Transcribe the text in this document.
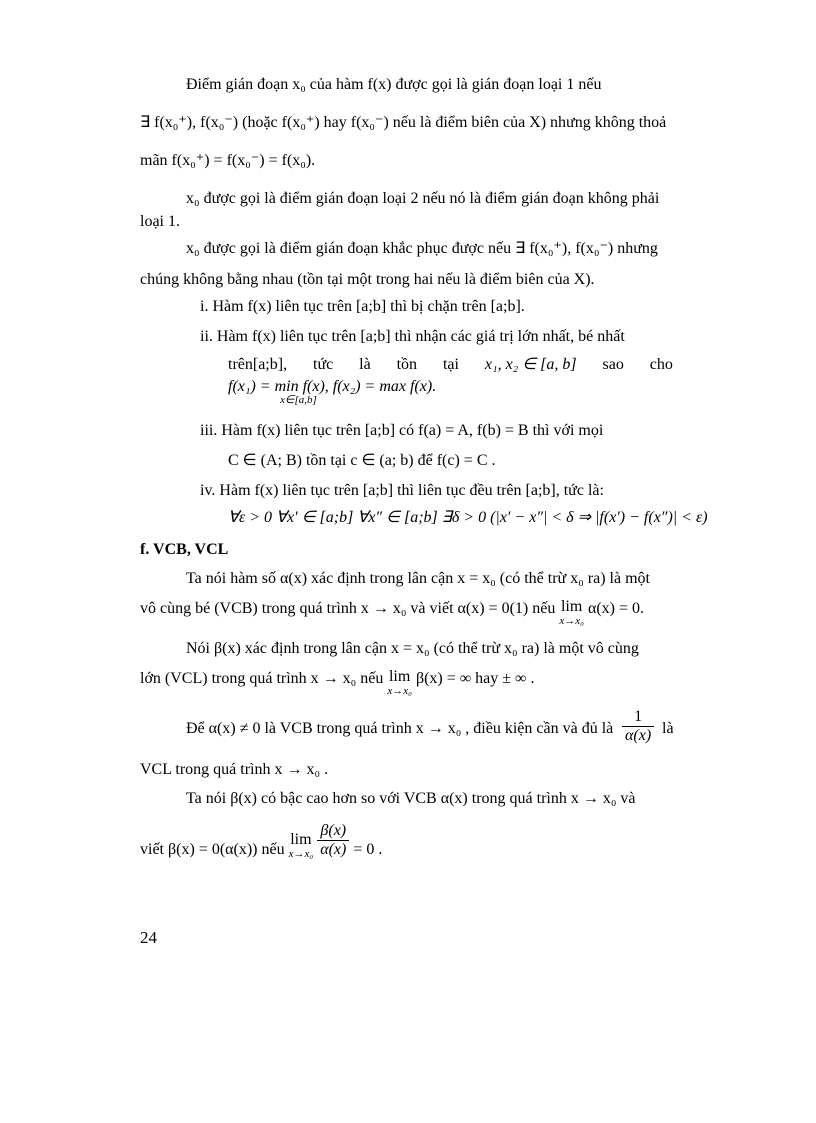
Điểm gián đoạn x₀ của hàm f(x) được gọi là gián đoạn loại 1 nếu
∃ f(x₀⁺), f(x₀⁻) (hoặc f(x₀⁺) hay f(x₀⁻) nếu là điểm biên của X) nhưng không thoả
mãn f(x₀⁺) = f(x₀⁻) = f(x₀).
x₀ được gọi là điểm gián đoạn loại 2 nếu nó là điểm gián đoạn không phải
loại 1.
x₀ được gọi là điểm gián đoạn khắc phục được nếu ∃ f(x₀⁺), f(x₀⁻) nhưng
chúng không bằng nhau (tồn tại một trong hai nếu là điểm biên của X).
i. Hàm f(x) liên tục trên [a;b] thì bị chặn trên [a;b].
ii. Hàm f(x) liên tục trên [a;b] thì nhận các giá trị lớn nhất, bé nhất
trên[a;b], tức là tồn tại x₁, x₂ ∈ [a, b] sao cho
f(x₁) = min f(x), f(x₂) = max f(x).
x∈[a,b]
iii. Hàm f(x) liên tục trên [a;b] có f(a) = A, f(b) = B thì với mọi
C ∈ (A; B) tồn tại c ∈ (a; b) để f(c) = C .
iv. Hàm f(x) liên tục trên [a;b] thì liên tục đều trên [a;b], tức là:
∀ε > 0 ∀x′ ∈ [a;b] ∀x″ ∈ [a;b] ∃δ > 0 (|x′ − x″| < δ ⇒ |f(x′) − f(x″)| < ε)
f. VCB, VCL
Ta nói hàm số α(x) xác định trong lân cận x = x₀ (có thể trừ x₀ ra) là một
vô cùng bé (VCB) trong quá trình x → x₀ và viết α(x) = 0(1) nếu lim
x→x₀
α(x) = 0.
Nói β(x) xác định trong lân cận x = x₀ (có thể trừ x₀ ra) là một vô cùng
lớn (VCL) trong quá trình x → x₀ nếu lim
x→x₀
β(x) = ∞ hay ± ∞ .
Để α(x) ≠ 0 là VCB trong quá trình x → x₀ , điều kiện cần và đủ là $\frac{1}{\alpha(x)}$ là
VCL trong quá trình x → x₀ .
Ta nói β(x) có bậc cao hơn so với VCB α(x) trong quá trình x → x₀ và
viết β(x) = 0(α(x)) nếu lim
x→x₀
$\frac{\beta(x)}{\alpha(x)} = 0$ .
24
